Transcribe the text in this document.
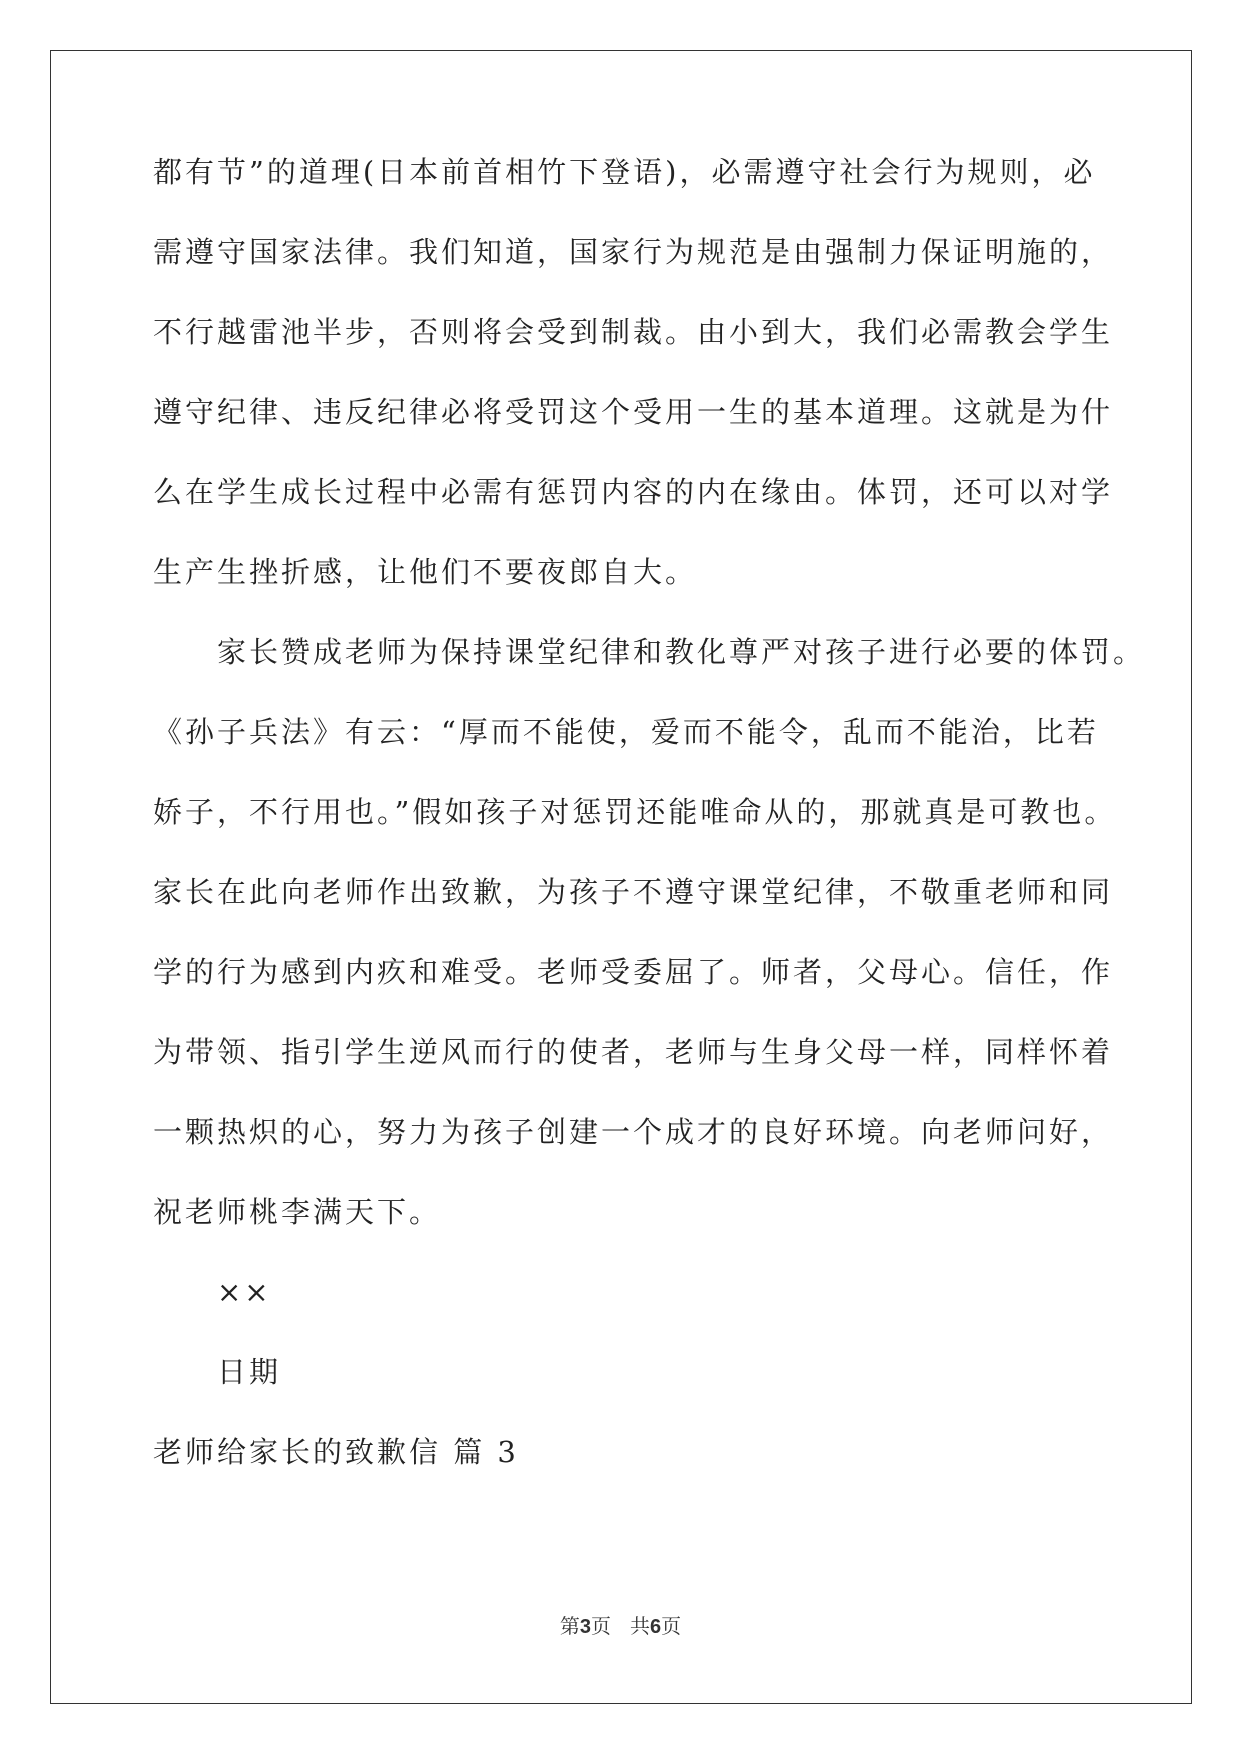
都有节”的道理(日本前首相竹下登语)，必需遵守社会行为规则，必
需遵守国家法律。我们知道，国家行为规范是由强制力保证明施的，
不行越雷池半步，否则将会受到制裁。由小到大，我们必需教会学生
遵守纪律、违反纪律必将受罚这个受用一生的基本道理。这就是为什
么在学生成长过程中必需有惩罚内容的内在缘由。体罚，还可以对学
生产生挫折感，让他们不要夜郎自大。
家长赞成老师为保持课堂纪律和教化尊严对孩子进行必要的体罚。
《孙子兵法》有云：“厚而不能使，爱而不能令，乱而不能治，比若
娇子，不行用也。”假如孩子对惩罚还能唯命从的，那就真是可教也。
家长在此向老师作出致歉，为孩子不遵守课堂纪律，不敬重老师和同
学的行为感到内疚和难受。老师受委屈了。师者，父母心。信任，作
为带领、指引学生逆风而行的使者，老师与生身父母一样，同样怀着
一颗热炽的心，努力为孩子创建一个成才的良好环境。向老师问好，
祝老师桃李满天下。
××
日期
老师给家长的致歉信 篇 3
第3页 共6页
